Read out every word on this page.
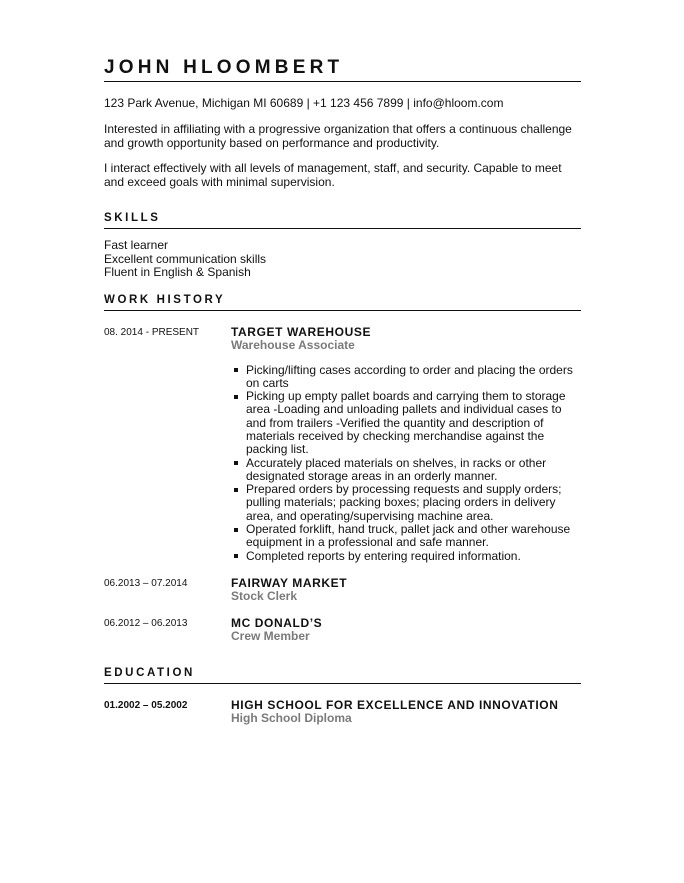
JOHN HLOOMBERT

123 Park Avenue, Michigan MI 60689 | +1 123 456 7899 | info@hloom.com

Interested in affiliating with a progressive organization that offers a continuous challenge and growth opportunity based on performance and productivity.

I interact effectively with all levels of management, staff, and security. Capable to meet and exceed goals with minimal supervision.

SKILLS
Fast learner
Excellent communication skills
Fluent in English & Spanish
WORK HISTORY
08. 2014 - PRESENT	TARGET WAREHOUSE
Warehouse Associate
Picking/lifting cases according to order and placing the orders on carts
Picking up empty pallet boards and carrying them to storage area -Loading and unloading pallets and individual cases to and from trailers -Verified the quantity and description of materials received by checking merchandise against the packing list.
Accurately placed materials on shelves, in racks or other designated storage areas in an orderly manner.
Prepared orders by processing requests and supply orders; pulling materials; packing boxes; placing orders in delivery area, and operating/supervising machine area.
Operated forklift, hand truck, pallet jack and other warehouse equipment in a professional and safe manner.
Completed reports by entering required information.
06.2013 – 07.2014	FAIRWAY MARKET
Stock Clerk
06.2012 – 06.2013	MC DONALD’S
Crew Member
EDUCATION
01.2002 – 05.2002	HIGH SCHOOL FOR EXCELLENCE AND INNOVATION
High School Diploma
